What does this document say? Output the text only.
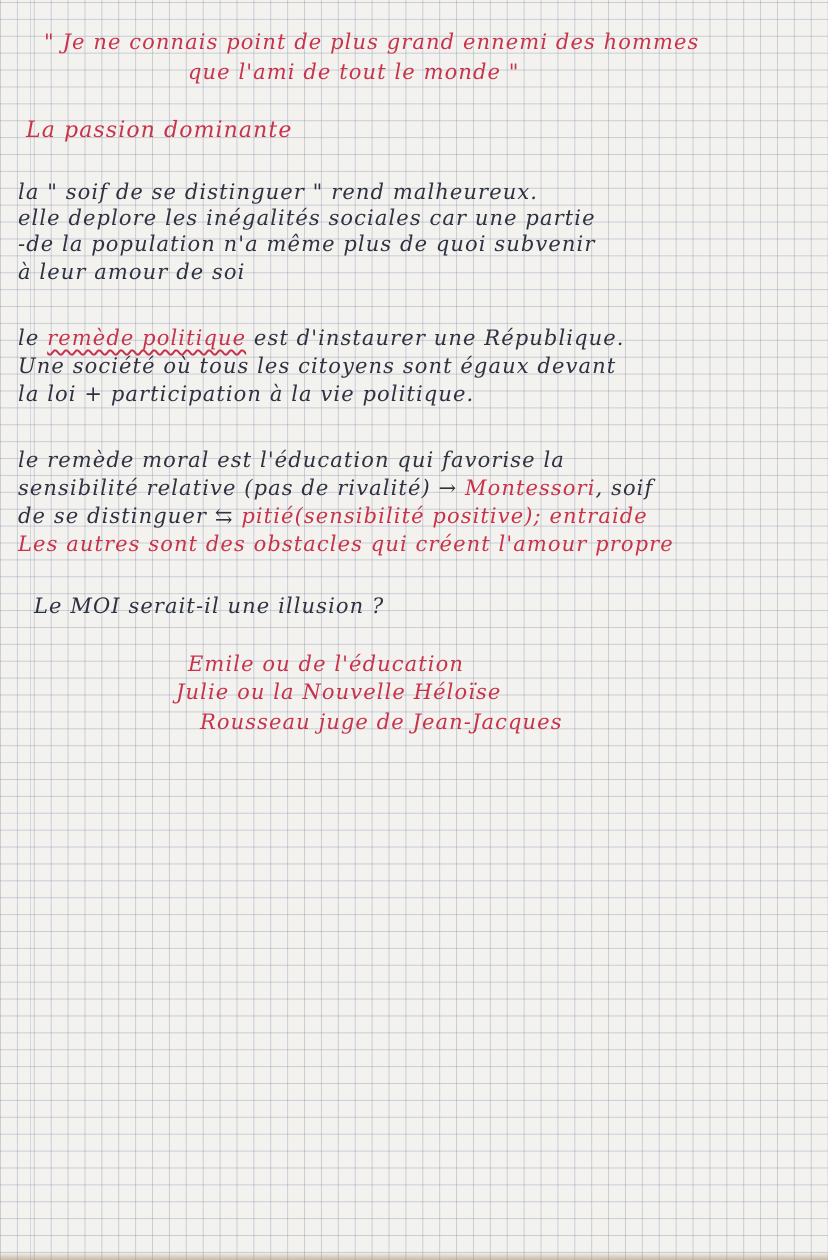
" Je ne connais point de plus grand ennemi des hommes
que l'ami de tout le monde "
La passion dominante
la " soif de se distinguer " rend malheureux.
elle deplore les inégalités sociales car une partie
-de la population n'a même plus de quoi subvenir
à leur amour de soi
le remède politique est d'instaurer une République.
Une société où tous les citoyens sont égaux devant
la loi + participation à la vie politique.
le remède moral est l'éducation qui favorise la
sensibilité relative (pas de rivalité) → Montessori, soif
de se distinguer ⇆ pitié(sensibilité positive); entraide
Les autres sont des obstacles qui créent l'amour propre
Le MOI serait-il une illusion ?
Emile ou de l'éducation
Julie ou la Nouvelle Héloïse
Rousseau juge de Jean-Jacques
